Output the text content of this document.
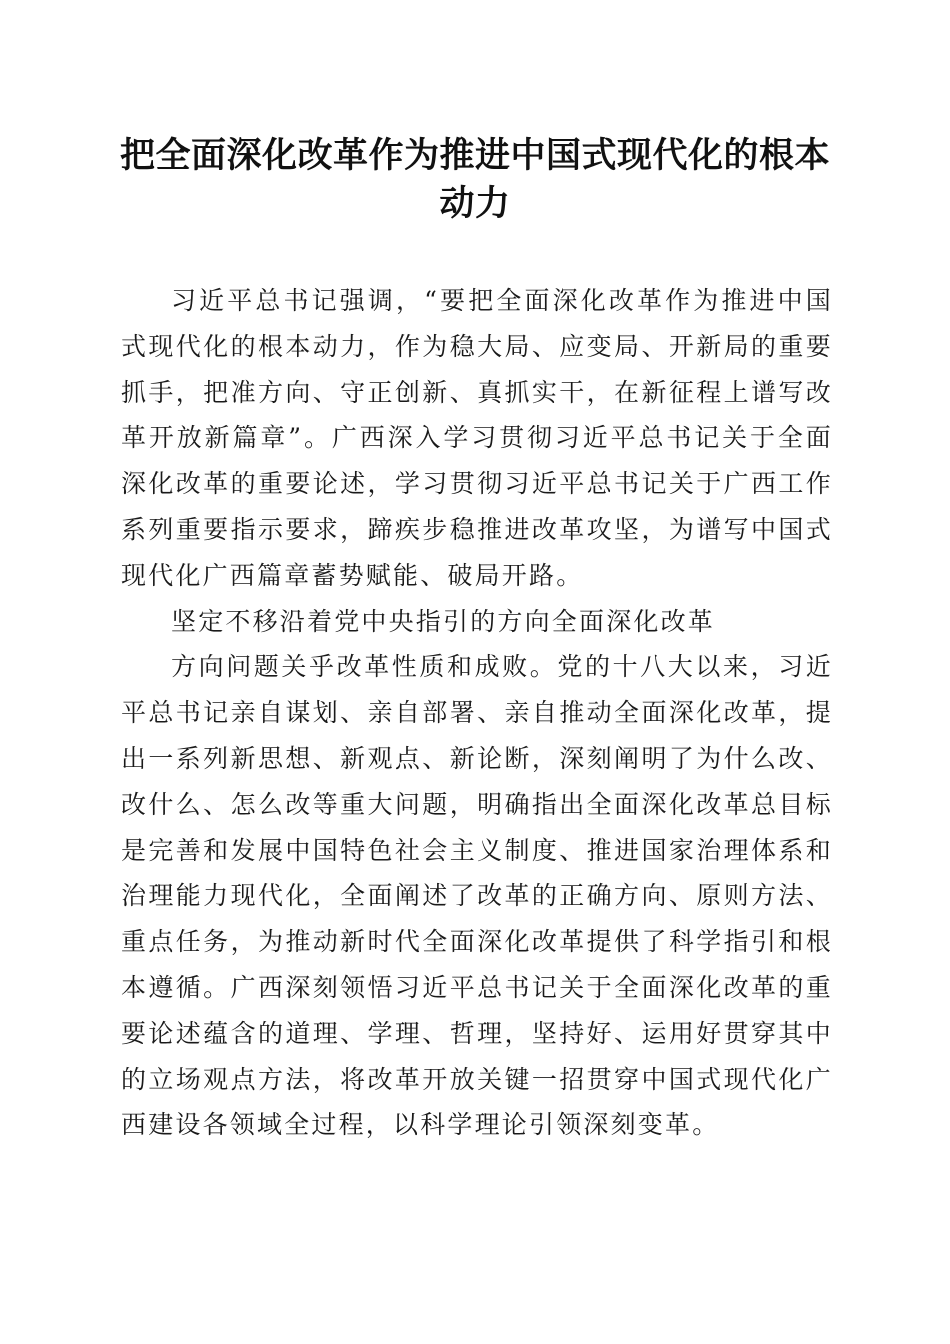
把全面深化改革作为推进中国式现代化的根本动力

习近平总书记强调，“要把全面深化改革作为推进中国式现代化的根本动力，作为稳大局、应变局、开新局的重要抓手，把准方向、守正创新、真抓实干，在新征程上谱写改革开放新篇章”。广西深入学习贯彻习近平总书记关于全面深化改革的重要论述，学习贯彻习近平总书记关于广西工作系列重要指示要求，蹄疾步稳推进改革攻坚，为谱写中国式现代化广西篇章蓄势赋能、破局开路。

坚定不移沿着党中央指引的方向全面深化改革

方向问题关乎改革性质和成败。党的十八大以来，习近平总书记亲自谋划、亲自部署、亲自推动全面深化改革，提出一系列新思想、新观点、新论断，深刻阐明了为什么改、改什么、怎么改等重大问题，明确指出全面深化改革总目标是完善和发展中国特色社会主义制度、推进国家治理体系和治理能力现代化，全面阐述了改革的正确方向、原则方法、重点任务，为推动新时代全面深化改革提供了科学指引和根本遵循。广西深刻领悟习近平总书记关于全面深化改革的重要论述蕴含的道理、学理、哲理，坚持好、运用好贯穿其中的立场观点方法，将改革开放关键一招贯穿中国式现代化广西建设各领域全过程，以科学理论引领深刻变革。
